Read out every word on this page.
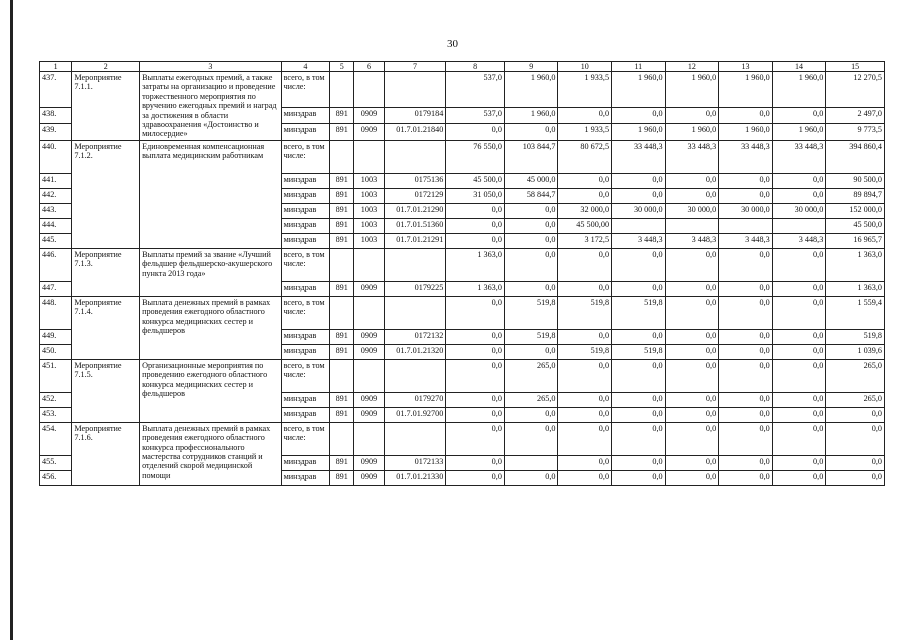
30
1	2	3	4	5	6	7	8	9	10	11	12	13	14	15
437.	Мероприятие 7.1.1.	Выплаты ежегодных премий, а также затраты на организацию и проведение торжественного мероприятия по вручению ежегодных премий и наград за достижения в области здравоохранения «Достоинство и милосердие»	всего, в том числе:				537,0	1 960,0	1 933,5	1 960,0	1 960,0	1 960,0	1 960,0	12 270,5
438.			минздрав	891	0909	0179184	537,0	1 960,0	0,0	0,0	0,0	0,0	0,0	2 497,0
439.			минздрав	891	0909	01.7.01.21840	0,0	0,0	1 933,5	1 960,0	1 960,0	1 960,0	1 960,0	9 773,5
440.	Мероприятие 7.1.2.	Единовременная компенсационная выплата медицинским работникам	всего, в том числе:				76 550,0	103 844,7	80 672,5	33 448,3	33 448,3	33 448,3	33 448,3	394 860,4
441.			минздрав	891	1003	0175136	45 500,0	45 000,0	0,0	0,0	0,0	0,0	0,0	90 500,0
442.			минздрав	891	1003	0172129	31 050,0	58 844,7	0,0	0,0	0,0	0,0	0,0	89 894,7
443.			минздрав	891	1003	01.7.01.21290	0,0	0,0	32 000,0	30 000,0	30 000,0	30 000,0	30 000,0	152 000,0
444.			минздрав	891	1003	01.7.01.51360	0,0	0,0	45 500,00					45 500,0
445.			минздрав	891	1003	01.7.01.21291	0,0	0,0	3 172,5	3 448,3	3 448,3	3 448,3	3 448,3	16 965,7
446.	Мероприятие 7.1.3.	Выплаты премий за звание «Лучший фельдшер фельдшерско-акушерского пункта 2013 года»	всего, в том числе:				1 363,0	0,0	0,0	0,0	0,0	0,0	0,0	1 363,0
447.			минздрав	891	0909	0179225	1 363,0	0,0	0,0	0,0	0,0	0,0	0,0	1 363,0
448.	Мероприятие 7.1.4.	Выплата денежных премий в рамках проведения ежегодного областного конкурса медицинских сестер и фельдшеров	всего, в том числе:				0,0	519,8	519,8	519,8	0,0	0,0	0,0	1 559,4
449.			минздрав	891	0909	0172132	0,0	519,8	0,0	0,0	0,0	0,0	0,0	519,8
450.			минздрав	891	0909	01.7.01.21320	0,0	0,0	519,8	519,8	0,0	0,0	0,0	1 039,6
451.	Мероприятие 7.1.5.	Организационные мероприятия по проведению ежегодного областного конкурса медицинских сестер и фельдшеров	всего, в том числе:				0,0	265,0	0,0	0,0	0,0	0,0	0,0	265,0
452.			минздрав	891	0909	0179270	0,0	265,0	0,0	0,0	0,0	0,0	0,0	265,0
453.			минздрав	891	0909	01.7.01.92700	0,0	0,0	0,0	0,0	0,0	0,0	0,0	0,0
454.	Мероприятие 7.1.6.	Выплата денежных премий в рамках проведения ежегодного областного конкурса профессионального мастерства сотрудников станций и отделений скорой медицинской помощи	всего, в том числе:				0,0	0,0	0,0	0,0	0,0	0,0	0,0	0,0
455.			минздрав	891	0909	0172133	0,0		0,0	0,0	0,0	0,0	0,0	0,0
456.			минздрав	891	0909	01.7.01.21330	0,0	0,0	0,0	0,0	0,0	0,0	0,0	0,0
